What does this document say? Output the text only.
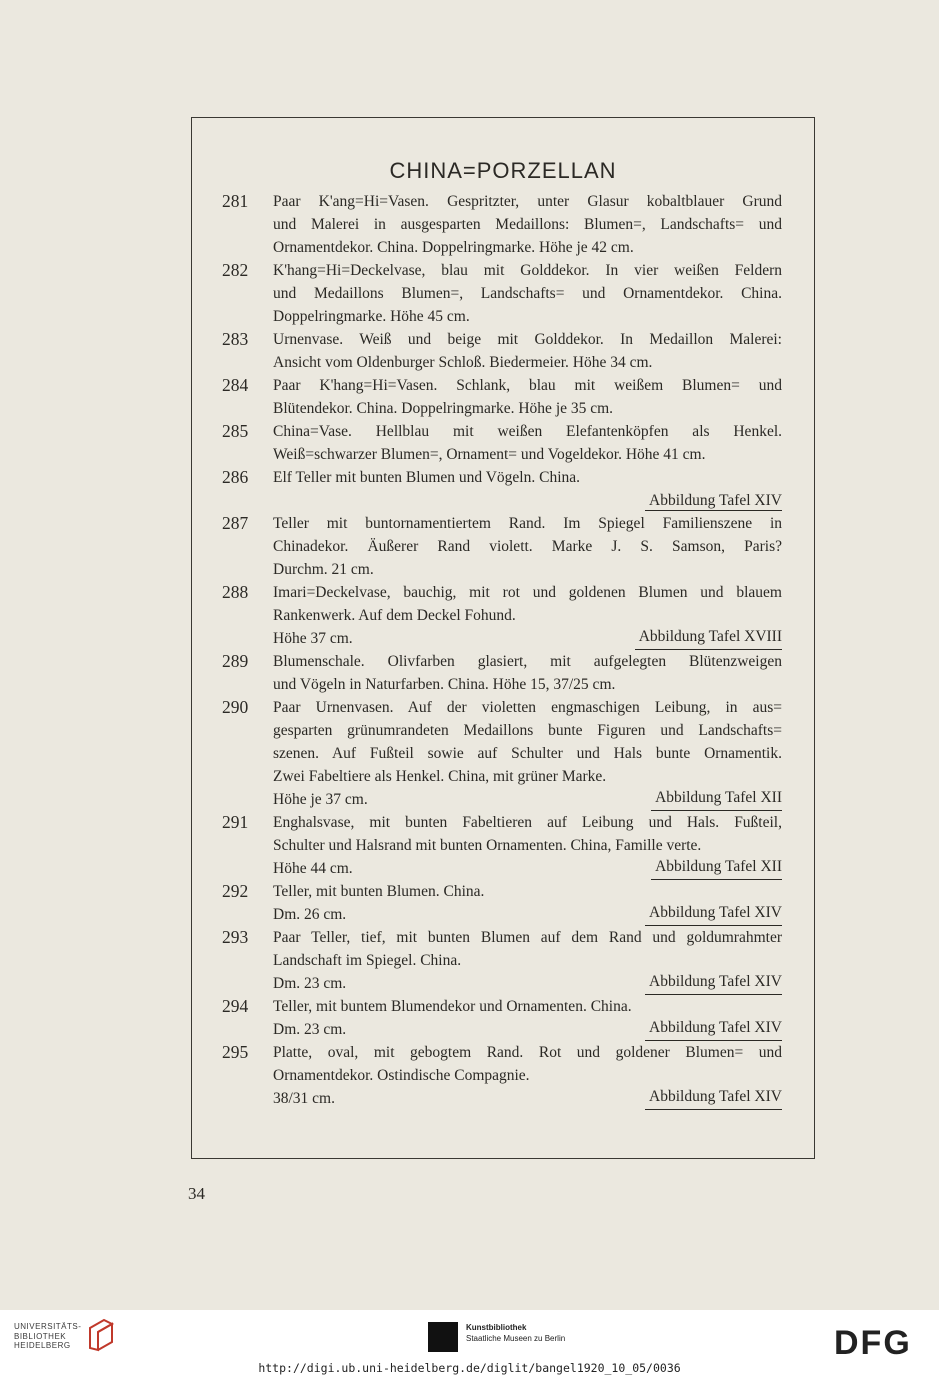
CHINA=PORZELLAN
281	Paar K'ang=Hi=Vasen. Gespritzter, unter Glasur kobaltblauer Grund
und Malerei in ausgesparten Medaillons: Blumen=, Landschafts= und
Ornamentdekor. China. Doppelringmarke. Höhe je 42 cm.
282	K'hang=Hi=Deckelvase, blau mit Golddekor. In vier weißen Feldern
und Medaillons Blumen=, Landschafts= und Ornamentdekor. China.
Doppelringmarke. Höhe 45 cm.
283	Urnenvase. Weiß und beige mit Golddekor. In Medaillon Malerei:
Ansicht vom Oldenburger Schloß. Biedermeier. Höhe 34 cm.
284	Paar K'hang=Hi=Vasen. Schlank, blau mit weißem Blumen= und
Blütendekor. China. Doppelringmarke. Höhe je 35 cm.
285	China=Vase. Hellblau mit weißen Elefantenköpfen als Henkel.
Weiß=schwarzer Blumen=, Ornament= und Vogeldekor. Höhe 41 cm.
286	Elf Teller mit bunten Blumen und Vögeln. China.
Abbildung Tafel XIV
287	Teller mit buntornamentiertem Rand. Im Spiegel Familienszene in
Chinadekor. Äußerer Rand violett. Marke J. S. Samson, Paris?
Durchm. 21 cm.
288	Imari=Deckelvase, bauchig, mit rot und goldenen Blumen und blauem
Rankenwerk. Auf dem Deckel Fohund.
Höhe 37 cm.	Abbildung Tafel XVIII
289	Blumenschale. Olivfarben glasiert, mit aufgelegten Blütenzweigen
und Vögeln in Naturfarben. China. Höhe 15, 37/25 cm.
290	Paar Urnenvasen. Auf der violetten engmaschigen Leibung, in aus=
gesparten grünumrandeten Medaillons bunte Figuren und Landschafts=
szenen. Auf Fußteil sowie auf Schulter und Hals bunte Ornamentik.
Zwei Fabeltiere als Henkel. China, mit grüner Marke.
Höhe je 37 cm.	Abbildung Tafel XII
291	Enghalsvase, mit bunten Fabeltieren auf Leibung und Hals. Fußteil,
Schulter und Halsrand mit bunten Ornamenten. China, Famille verte.
Höhe 44 cm.	Abbildung Tafel XII
292	Teller, mit bunten Blumen. China.
Dm. 26 cm.	Abbildung Tafel XIV
293	Paar Teller, tief, mit bunten Blumen auf dem Rand und goldumrahmter
Landschaft im Spiegel. China.
Dm. 23 cm.	Abbildung Tafel XIV
294	Teller, mit buntem Blumendekor und Ornamenten. China.
Dm. 23 cm.	Abbildung Tafel XIV
295	Platte, oval, mit gebogtem Rand. Rot und goldener Blumen= und
Ornamentdekor. Ostindische Compagnie.
38/31 cm.	Abbildung Tafel XIV
34
UNIVERSITÄTS-
BIBLIOTHEK
HEIDELBERG
Kunstbibliothek
Staatliche Museen zu Berlin	DFG
http://digi.ub.uni-heidelberg.de/diglit/bangel1920_10_05/0036
